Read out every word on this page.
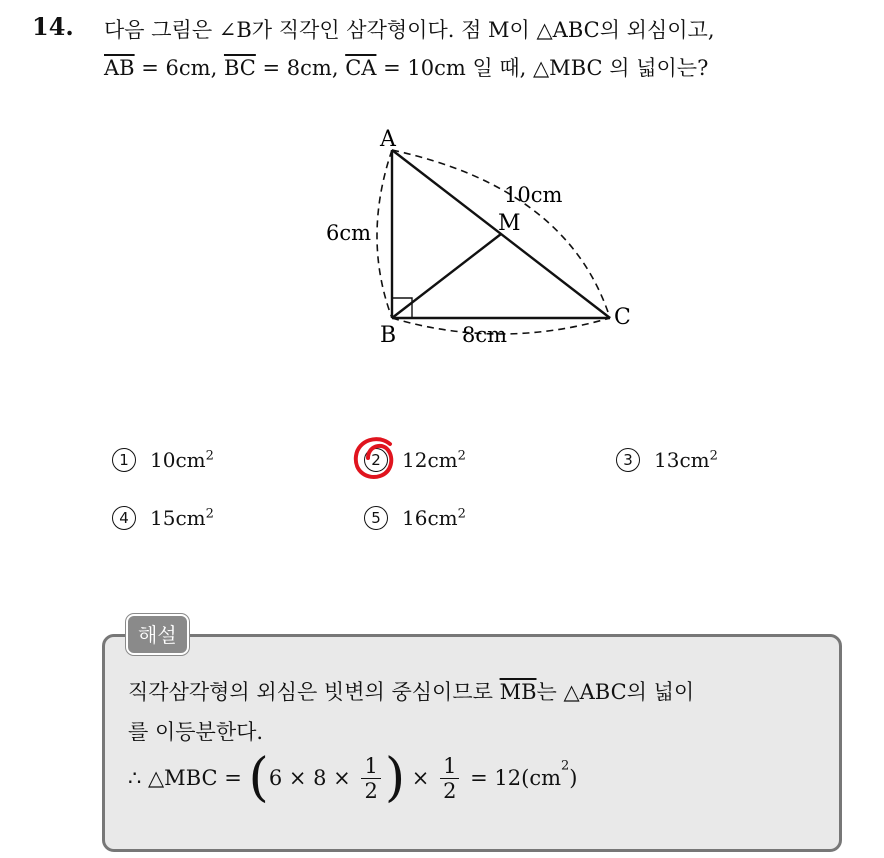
14. 다음 그림은 ∠B가 직각인 삼각형이다. 점 M이 △ABC의 외심이고,
$\overline{AB} = 6cm$, $\overline{BC} = 8cm$, $\overline{CA} = 10cm$ 일 때, △MBC 의 넓이는?
A
B
C
M
6cm
8cm
10cm
1 $10cm^2$	2 $12cm^2$	3 $13cm^2$
4 $15cm^2$	5 $16cm^2$
해설
직각삼각형의 외심은 빗변의 중심이므로 $\overline{MB}$는 △ABC의 넓이
를 이등분한다.
∴ △MBC = ($6 \times 8 \times \frac{1}{2}$ ) × $\frac{1}{2} = 12(cm^2)$
